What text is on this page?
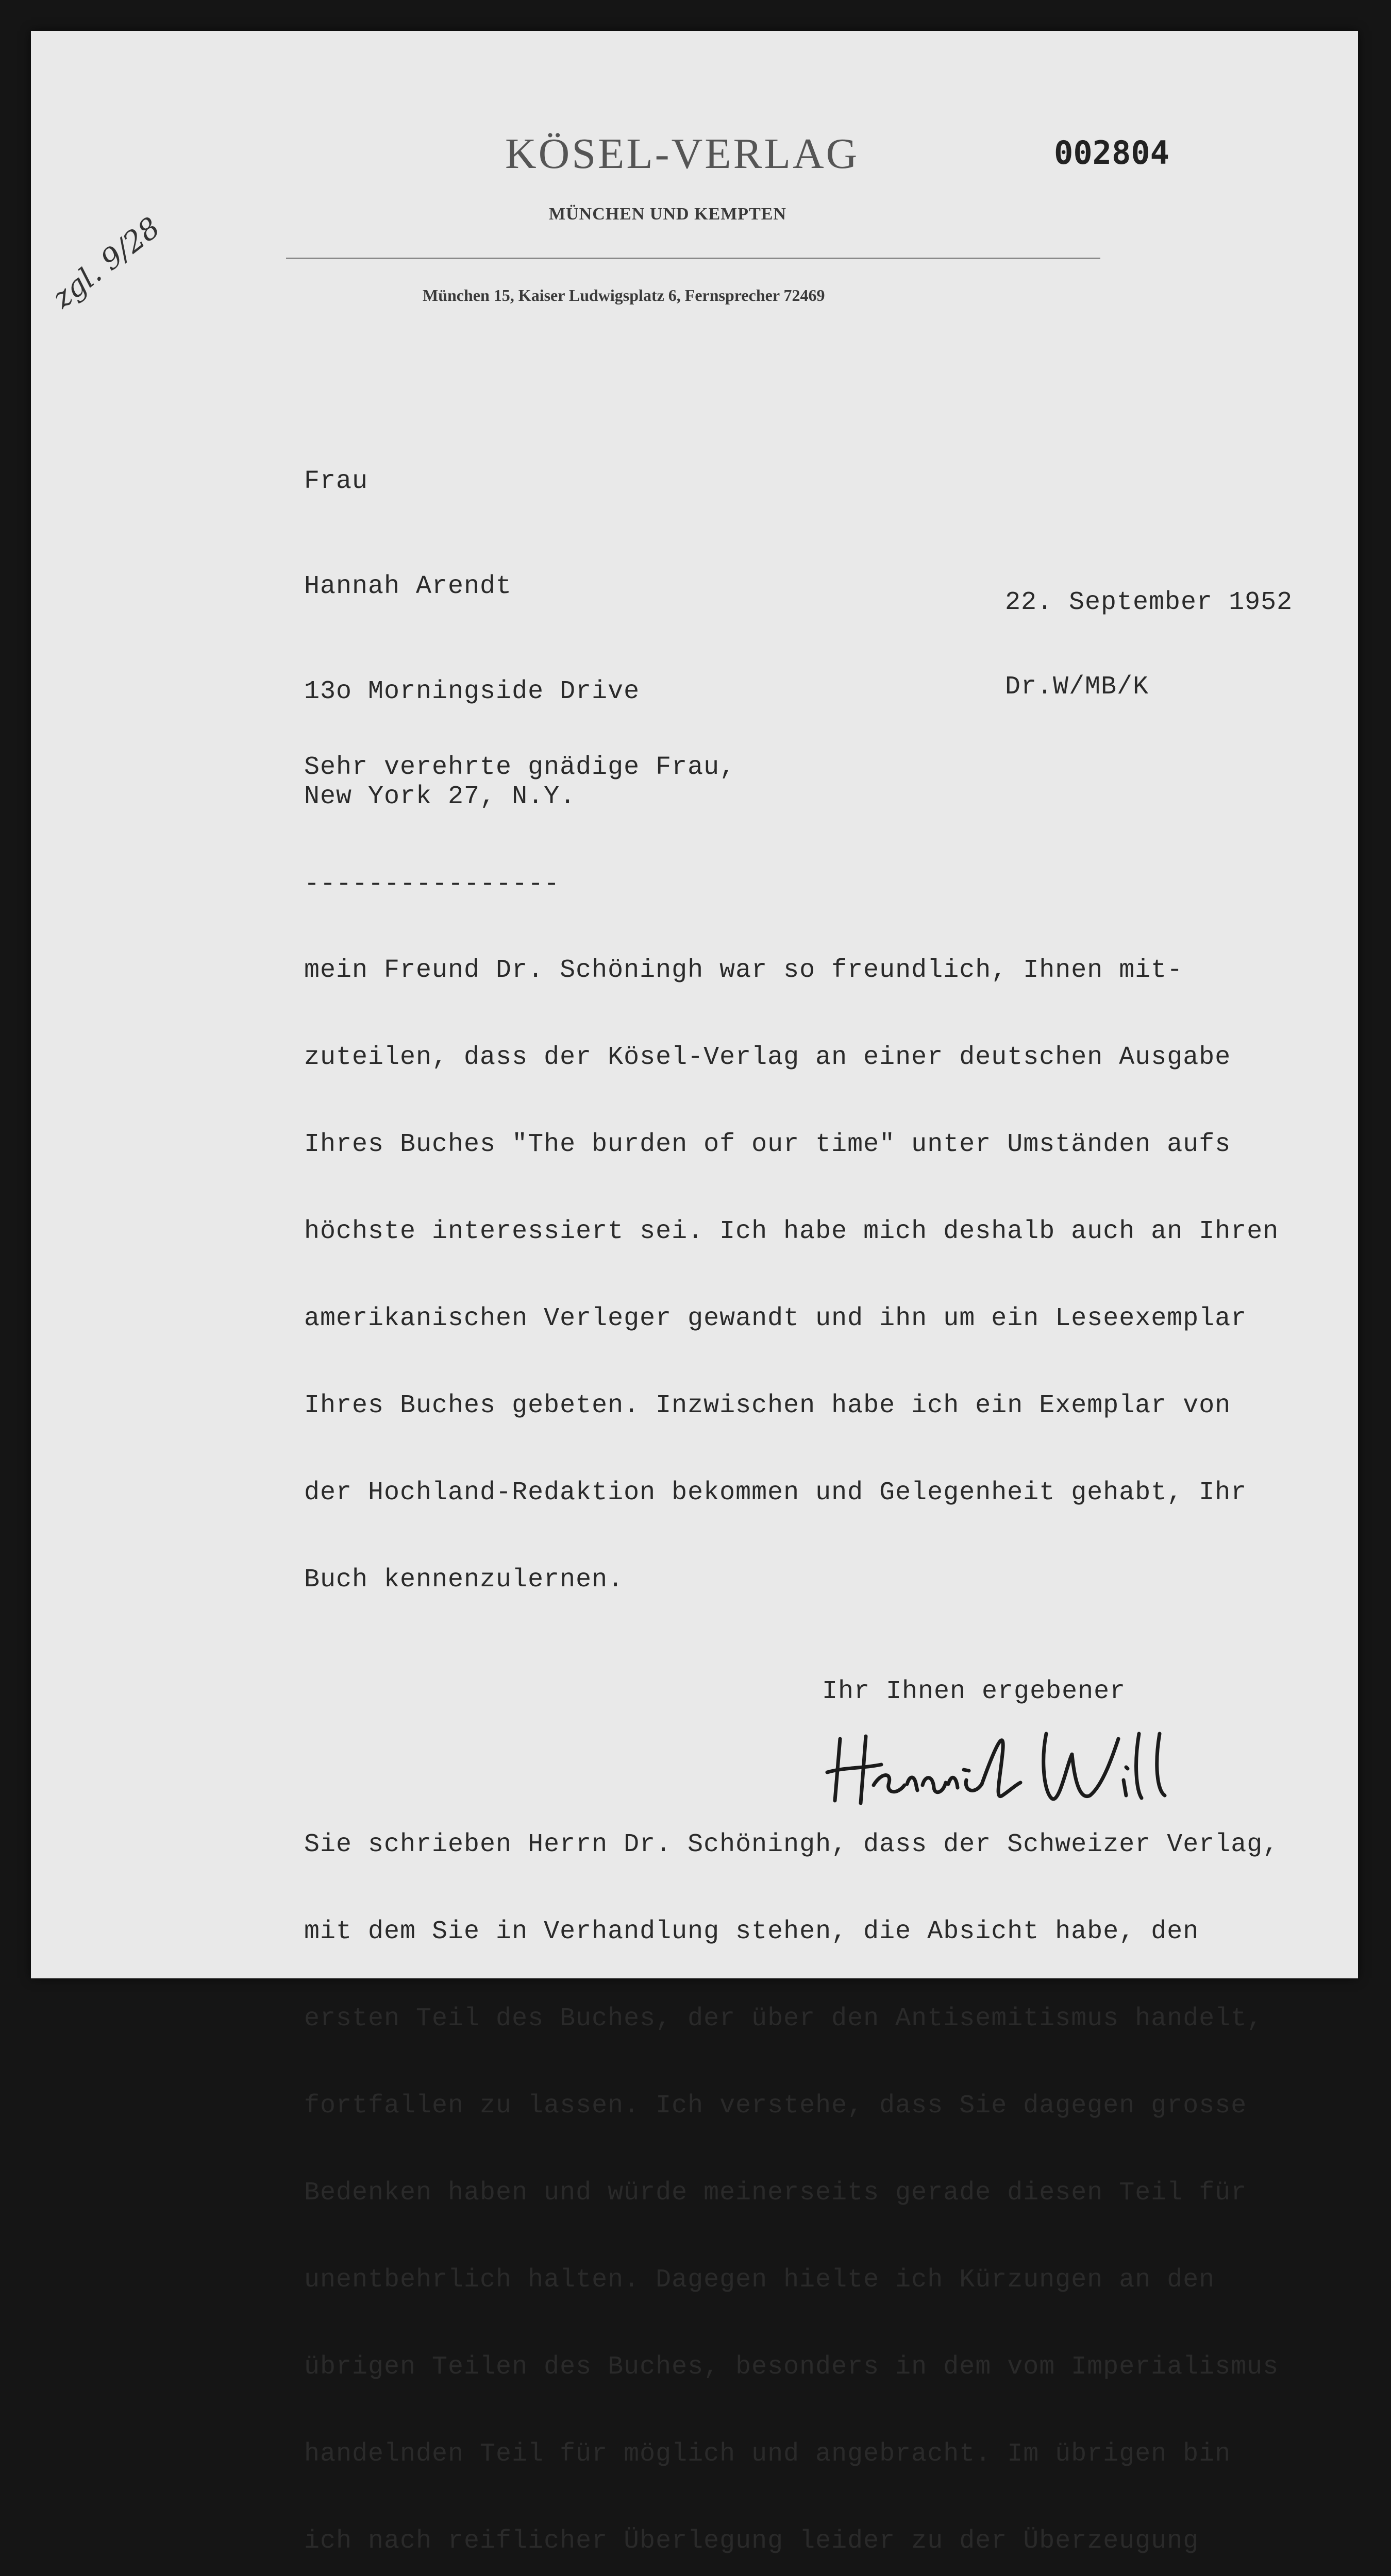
KÖSEL-VERLAG	002804
MÜNCHEN UND KEMPTEN
München 15, Kaiser Ludwigsplatz 6, Fernsprecher 72469
zgl. 9/28

Frau

Hannah Arendt

13o Morningside Drive

New York 27, N.Y.

----------------

22. September 1952

Dr.W/MB/K

Sehr verehrte gnädige Frau,

mein Freund Dr. Schöningh war so freundlich, Ihnen mit-

zuteilen, dass der Kösel-Verlag an einer deutschen Ausgabe

Ihres Buches "The burden of our time" unter Umständen aufs

höchste interessiert sei. Ich habe mich deshalb auch an Ihren

amerikanischen Verleger gewandt und ihn um ein Leseexemplar

Ihres Buches gebeten. Inzwischen habe ich ein Exemplar von

der Hochland-Redaktion bekommen und Gelegenheit gehabt, Ihr

Buch kennenzulernen.

Sie schrieben Herrn Dr. Schöningh, dass der Schweizer Verlag,

mit dem Sie in Verhandlung stehen, die Absicht habe, den

ersten Teil des Buches, der über den Antisemitismus handelt,

fortfallen zu lassen. Ich verstehe, dass Sie dagegen grosse

Bedenken haben und würde meinerseits gerade diesen Teil für

unentbehrlich halten. Dagegen hielte ich Kürzungen an den

übrigen Teilen des Buches, besonders in dem vom Imperialismus

handelnden Teil für möglich und angebracht. Im übrigen bin

ich nach reiflicher Überlegung leider zu der Überzeugung

Ihr Ihnen ergebener
